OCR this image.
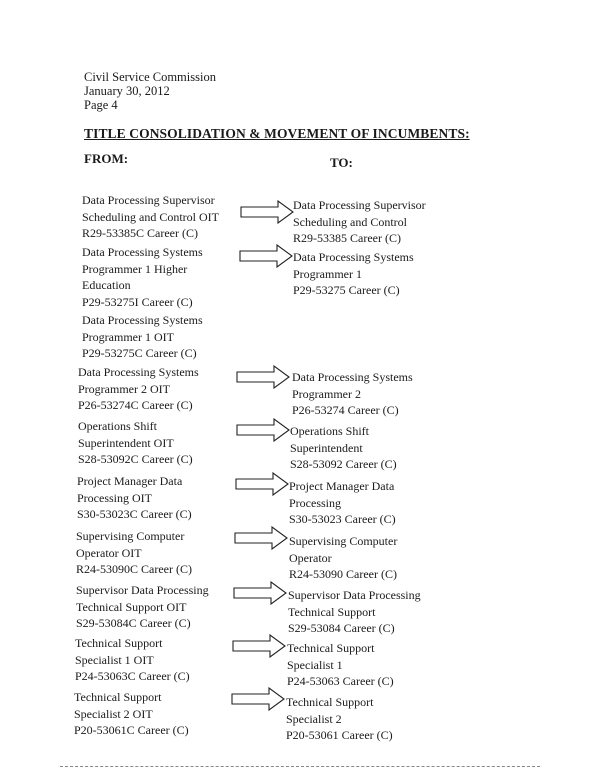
Civil Service Commission
January 30, 2012
Page 4
TITLE CONSOLIDATION & MOVEMENT OF INCUMBENTS:
FROM:	TO:
Data Processing Supervisor
Scheduling and Control OIT
R29-53385C Career (C)
Data Processing Supervisor
Scheduling and Control
R29-53385 Career (C)
Data Processing Systems
Programmer 1 Higher
Education
P29-53275I Career (C)
Data Processing Systems
Programmer 1
P29-53275 Career (C)
Data Processing Systems
Programmer 1 OIT
P29-53275C Career (C)
Data Processing Systems
Programmer 2 OIT
P26-53274C Career (C)
Data Processing Systems
Programmer 2
P26-53274 Career (C)
Operations Shift
Superintendent OIT
S28-53092C Career (C)
Operations Shift
Superintendent
S28-53092 Career (C)
Project Manager Data
Processing OIT
S30-53023C Career (C)
Project Manager Data
Processing
S30-53023 Career (C)
Supervising Computer
Operator OIT
R24-53090C Career (C)
Supervising Computer
Operator
R24-53090 Career (C)
Supervisor Data Processing
Technical Support OIT
S29-53084C Career (C)
Supervisor Data Processing
Technical Support
S29-53084 Career (C)
Technical Support
Specialist 1 OIT
P24-53063C Career (C)
Technical Support
Specialist 1
P24-53063 Career (C)
Technical Support
Specialist 2 OIT
P20-53061C Career (C)
Technical Support
Specialist 2
P20-53061 Career (C)
